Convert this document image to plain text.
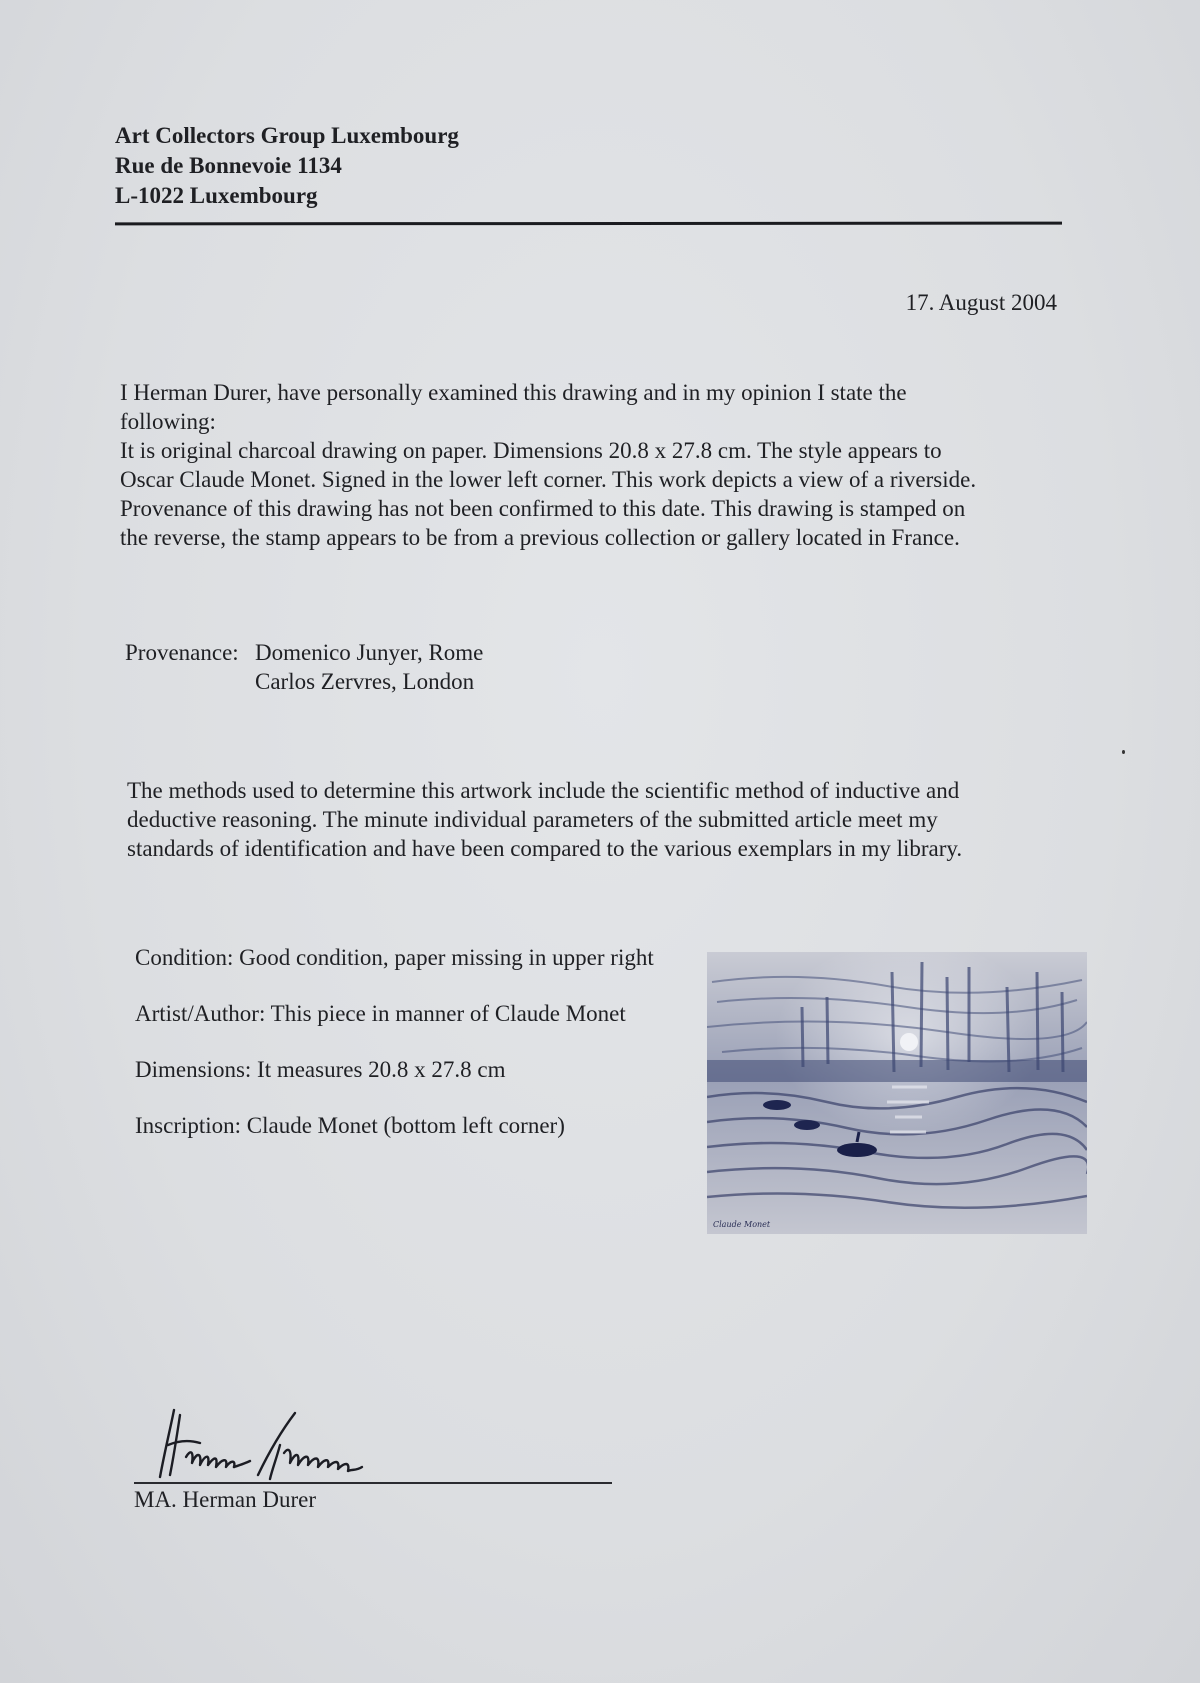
Art Collectors Group Luxembourg
Rue de Bonnevoie 1134
L-1022 Luxembourg
17. August 2004
I Herman Durer, have personally examined this drawing and in my opinion I state the
following:
It is original charcoal drawing on paper. Dimensions 20.8 x 27.8 cm. The style appears to
Oscar Claude Monet. Signed in the lower left corner. This work depicts a view of a riverside.
Provenance of this drawing has not been confirmed to this date. This drawing is stamped on
the reverse, the stamp appears to be from a previous collection or gallery located in France.
Provenance: Domenico Junyer, Rome
Carlos Zervres, London
The methods used to determine this artwork include the scientific method of inductive and
deductive reasoning. The minute individual parameters of the submitted article meet my
standards of identification and have been compared to the various exemplars in my library.
Condition: Good condition, paper missing in upper right
Artist/Author: This piece in manner of Claude Monet
Dimensions: It measures 20.8 x 27.8 cm
Inscription: Claude Monet (bottom left corner)
Claude Monet
MA. Herman Durer
